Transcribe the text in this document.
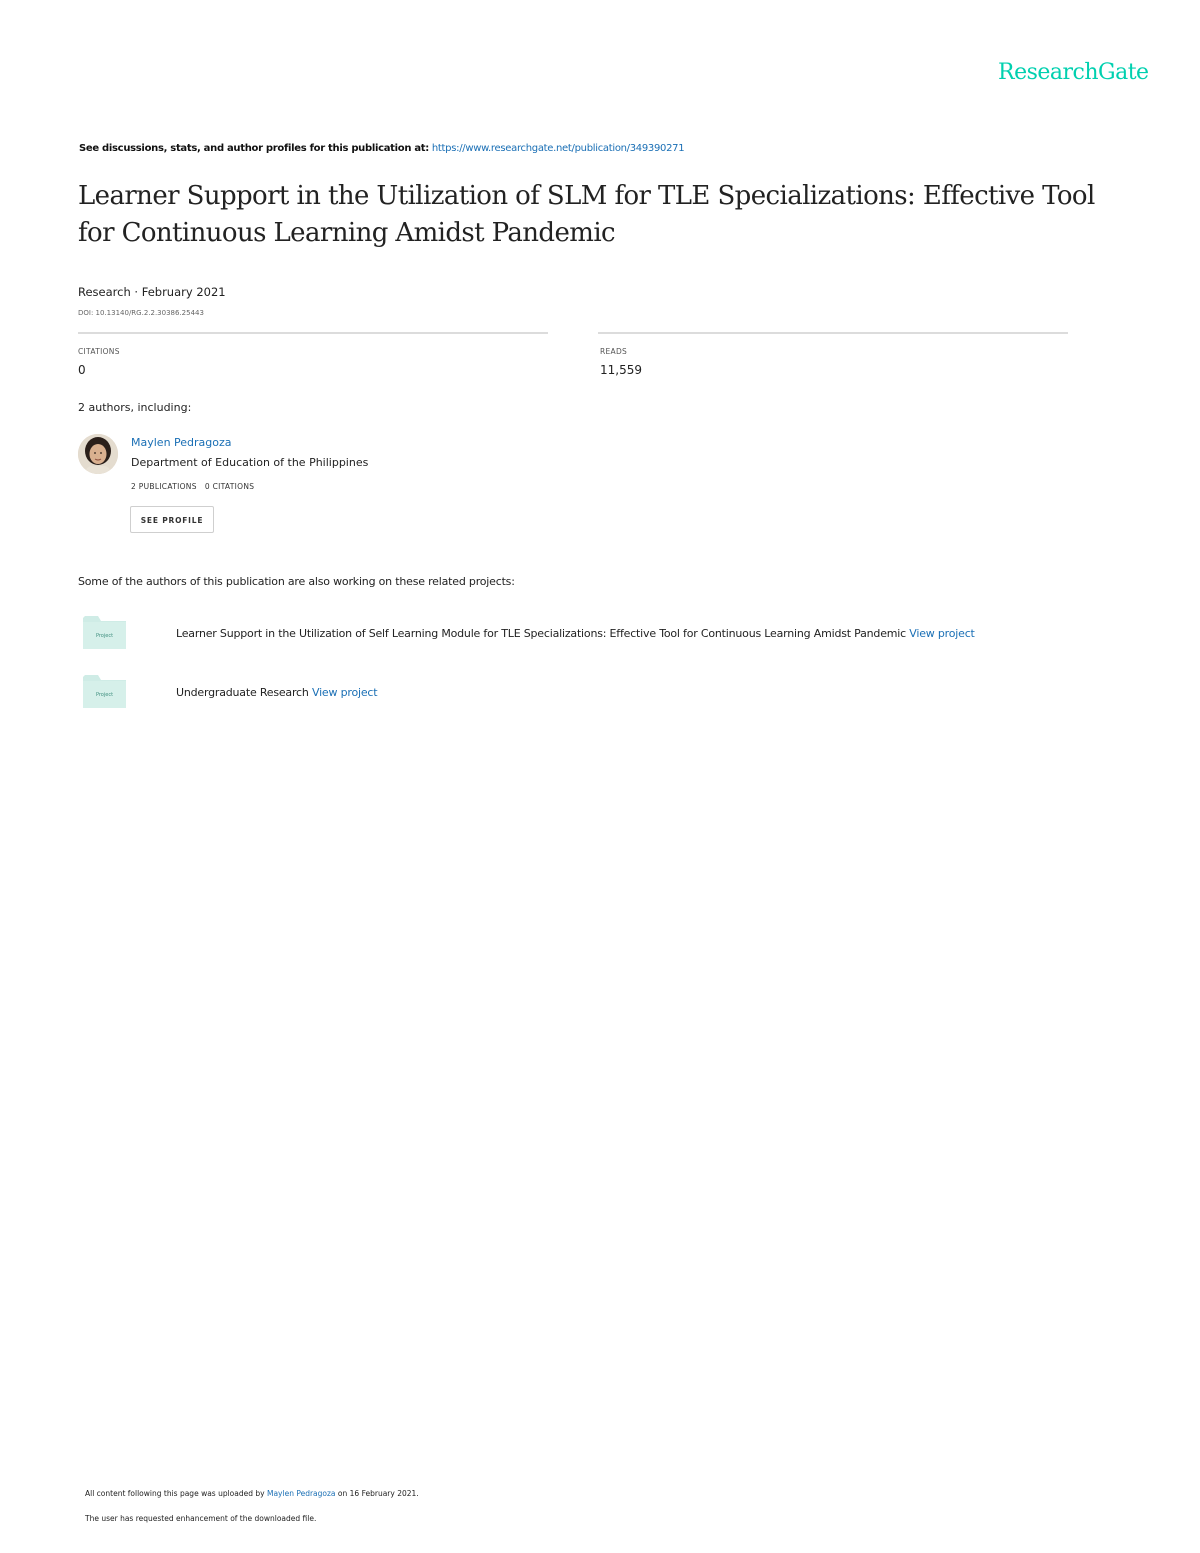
ResearchGate
See discussions, stats, and author profiles for this publication at: https://www.researchgate.net/publication/349390271
Learner Support in the Utilization of SLM for TLE Specializations: Effective Tool for Continuous Learning Amidst Pandemic
Research · February 2021
DOI: 10.13140/RG.2.2.30386.25443
CITATIONS
0
READS
11,559
2 authors, including:
Maylen Pedragoza
Department of Education of the Philippines
2 PUBLICATIONS 0 CITATIONS
SEE PROFILE
Some of the authors of this publication are also working on these related projects:
Project	Learner Support in the Utilization of Self Learning Module for TLE Specializations: Effective Tool for Continuous Learning Amidst Pandemic View project
Project	Undergraduate Research View project
All content following this page was uploaded by Maylen Pedragoza on 16 February 2021.
The user has requested enhancement of the downloaded file.
